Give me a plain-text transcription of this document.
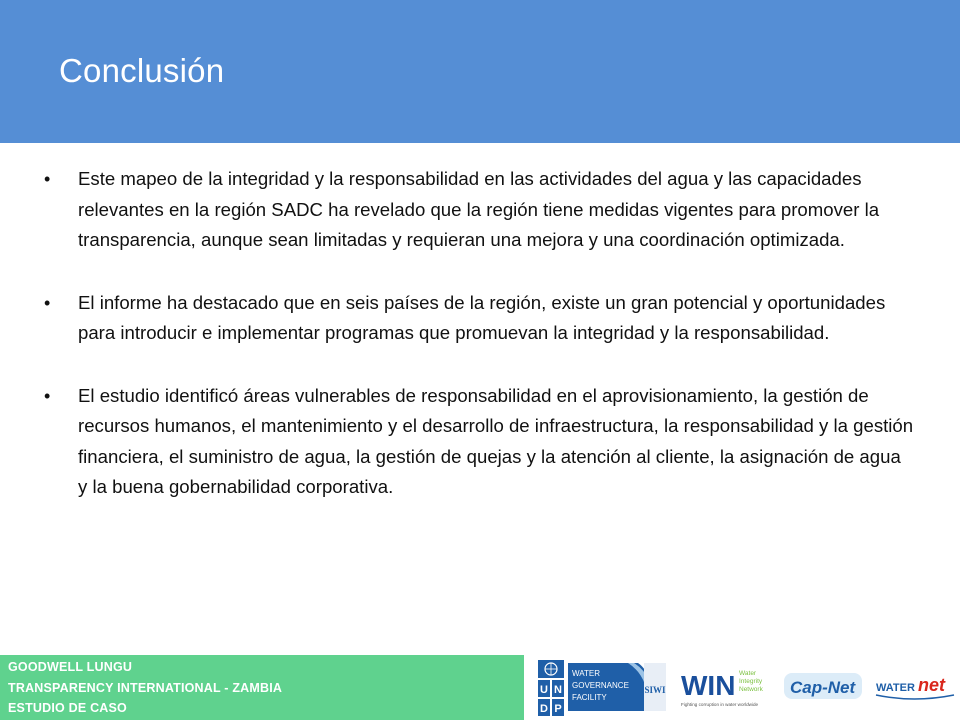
Conclusión
• Este mapeo de la integridad y la responsabilidad en las actividades del agua y las capacidades relevantes en la región SADC ha revelado que la región tiene medidas vigentes para promover la transparencia, aunque sean limitadas y requieran una mejora y una coordinación optimizada.
• El informe ha destacado que en seis países de la región, existe un gran potencial y oportunidades para introducir e implementar programas que promuevan la integridad y la responsabilidad.
• El estudio identificó áreas vulnerables de responsabilidad en el aprovisionamiento, la gestión de recursos humanos, el mantenimiento y el desarrollo de infraestructura, la responsabilidad y la gestión financiera, el suministro de agua, la gestión de quejas y la atención al cliente, la asignación de agua y la buena gobernabilidad corporativa.
GOODWELL LUNGU
TRANSPARENCY INTERNATIONAL - ZAMBIA
ESTUDIO DE CASO
U N
D P
WATER
GOVERNANCE
FACILITY
SIWI WIN Water
Integrity
Network
Fighting corruption in water worldwide
Cap-Net WATER net
